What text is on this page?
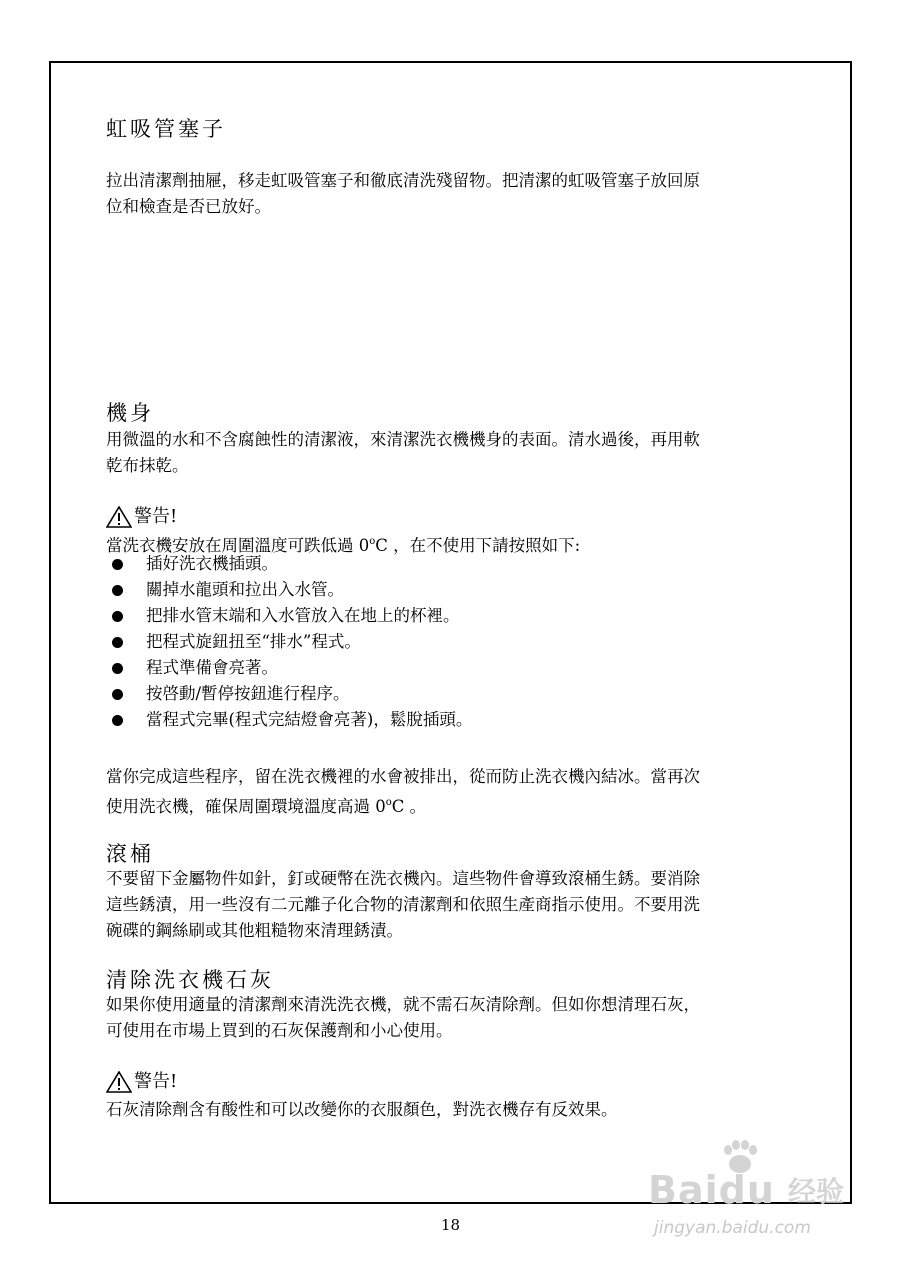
虹吸管塞子
拉出清潔劑抽屜，移走虹吸管塞子和徹底清洗殘留物。把清潔的虹吸管塞子放回原
位和檢查是否已放好。
機身
用微溫的水和不含腐蝕性的清潔液，來清潔洗衣機機身的表面。清水過後，再用軟
乾布抹乾。
警告!
當洗衣機安放在周圍溫度可跌低過 0$^o$C ，在不使用下請按照如下:
插好洗衣機插頭。
關掉水龍頭和拉出入水管。
把排水管末端和入水管放入在地上的杯裡。
把程式旋鈕扭至“排水”程式。
程式準備會亮著。
按啓動/暫停按鈕進行程序。
當程式完畢(程式完結燈會亮著)，鬆脫插頭。
當你完成這些程序，留在洗衣機裡的水會被排出，從而防止洗衣機內結冰。當再次
使用洗衣機，確保周圍環境溫度高過 0$^o$C 。
滾桶
不要留下金屬物件如針，釘或硬幣在洗衣機內。這些物件會導致滾桶生銹。要消除
這些銹漬，用一些沒有二元離子化合物的清潔劑和依照生產商指示使用。不要用洗
碗碟的鋼絲刷或其他粗糙物來清理銹漬。
清除洗衣機石灰
如果你使用適量的清潔劑來清洗洗衣機，就不需石灰清除劑。但如你想清理石灰，
可使用在市場上買到的石灰保護劑和小心使用。
警告!
石灰清除劑含有酸性和可以改變你的衣服顏色，對洗衣機存有反效果。
18
Baidu 经验
jingyan.baidu.com
